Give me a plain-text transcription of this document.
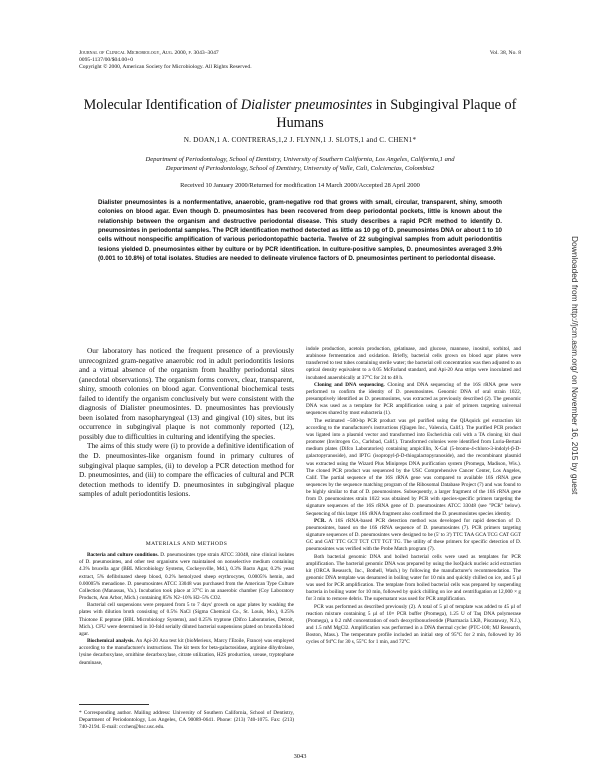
Journal of Clinical Microbiology, Aug. 2000, p. 3043–3047
0095-1137/00/$04.00+0
Copyright © 2000, American Society for Microbiology. All Rights Reserved.
Vol. 38, No. 8
Molecular Identification of Dialister pneumosintes in Subgingival Plaque of Humans
N. DOAN,1 A. CONTRERAS,1,2 J. FLYNN,1 J. SLOTS,1 and C. CHEN1*
Department of Periodontology, School of Dentistry, University of Southern California, Los Angeles, California,1 and
Department of Periodontology, School of Dentistry, University of Valle, Cali, Colciencias, Colombia2
Received 10 January 2000/Returned for modification 14 March 2000/Accepted 28 April 2000
Dialister pneumosintes is a nonfermentative, anaerobic, gram-negative rod that grows with small, circular, transparent, shiny, smooth colonies on blood agar. Even though D. pneumosintes has been recovered from deep periodontal pockets, little is known about the relationship between the organism and destructive periodontal disease. This study describes a rapid PCR method to identify D. pneumosintes in periodontal samples. The PCR identification method detected as little as 10 pg of D. pneumosintes DNA or about 1 to 10 cells without nonspecific amplification of various periodontopathic bacteria. Twelve of 22 subgingival samples from adult periodontitis lesions yielded D. pneumosintes either by culture or by PCR identification. In culture-positive samples, D. pneumosintes averaged 3.9% (0.001 to 10.8%) of total isolates. Studies are needed to delineate virulence factors of D. pneumosintes pertinent to periodontal disease.

Our laboratory has noticed the frequent presence of a previously unrecognized gram-negative anaerobic rod in adult periodontitis lesions and a virtual absence of the organism from healthy periodontal sites (anecdotal observations). The organism forms convex, clear, transparent, shiny, smooth colonies on blood agar. Conventional biochemical tests failed to identify the organism conclusively but were consistent with the diagnosis of Dialister pneumosintes. D. pneumosintes has previously been isolated from nasopharyngeal (13) and gingival (10) sites, but its occurrence in subgingival plaque is not commonly reported (12), possibly due to difficulties in culturing and identifying the species.

The aims of this study were (i) to provide a definitive identification of the D. pneumosintes-like organism found in primary cultures of subgingival plaque samples, (ii) to develop a PCR detection method for D. pneumosintes, and (iii) to compare the efficacies of cultural and PCR detection methods to identify D. pneumosintes in subgingival plaque samples of adult periodontitis lesions.

MATERIALS AND METHODS

Bacteria and culture conditions. D. pneumosintes type strain ATCC 33048, nine clinical isolates of D. pneumosintes, and other test organisms were maintained on nonselective medium containing 4.3% brucella agar (BBL Microbiology Systems, Cockeysville, Md.), 0.3% Bacto Agar, 0.2% yeast extract, 5% defibrinated sheep blood, 0.2% hemolyzed sheep erythrocytes, 0.0005% hemin, and 0.00005% menadione. D. pneumosintes ATCC 33048 was purchased from the American Type Culture Collection (Manassas, Va.). Incubation took place at 37°C in an anaerobic chamber (Coy Laboratory Products, Ann Arbor, Mich.) containing 85% N2–10% H2–5% CO2.

Bacterial cell suspensions were prepared from 5 to 7 days' growth on agar plates by washing the plates with dilution broth consisting of 0.5% NaCl (Sigma Chemical Co., St. Louis, Mo.), 0.25% Thiotone E peptone (BBL Microbiology Systems), and 0.25% tryptone (Difco Laboratories, Detroit, Mich.). CFU were determined in 10-fold serially diluted bacterial suspensions plated on brucella blood agar.

Biochemical analysis. An Api-20 Ana test kit (bioMerieux, Marcy l'Etoile, France) was employed according to the manufacturer's instructions. The kit tests for beta-galactosidase, arginine dihydrolase, lysine decarboxylase, ornithine decarboxylase, citrate utilization, H2S production, urease, tryptophane deaminase,

indole production, acetoin production, gelatinase, and glucose, mannose, inositol, sorbitol, and arabinose fermentation and oxidation. Briefly, bacterial cells grown on blood agar plates were transferred to test tubes containing sterile water; the bacterial cell concentration was then adjusted to an optical density equivalent to a 0.05 McFarland standard, and Api-20 Ana strips were inoculated and incubated anaerobically at 37°C for 24 to 48 h.

Cloning and DNA sequencing. Cloning and DNA sequencing of the 16S rRNA gene were performed to confirm the identity of D. pneumosintes. Genomic DNA of oral strain 1022, presumptively identified as D. pneumosintes, was extracted as previously described (2). The genomic DNA was used as a template for PCR amplification using a pair of primers targeting universal sequences shared by most eubacteria (1).

The estimated ~500-bp PCR product was gel purified using the QIAquick gel extraction kit according to the manufacturer's instructions (Qiagen Inc., Valencia, Calif.). The purified PCR product was ligated into a plasmid vector and transformed into Escherichia coli with a TA cloning kit dual promoter (Invitrogen Co., Carlsbad, Calif.). Transformed colonies were identified from Luria-Bertani medium plates (Difco Laboratories) containing ampicillin, X-Gal (5-bromo-4-chloro-3-indolyl-β-D-galactopyranoside), and IPTG (isopropyl-β-D-thiogalactopyranoside), and the recombinant plasmid was extracted using the Wizard Plus Minipreps DNA purification system (Promega, Madison, Wis.). The cloned PCR product was sequenced by the USC Comprehensive Cancer Center, Los Angeles, Calif. The partial sequence of the 16S rRNA gene was compared to available 16S rRNA gene sequences by the sequence matching program of the Ribosomal Database Project (7) and was found to be highly similar to that of D. pneumosintes. Subsequently, a larger fragment of the 16S rRNA gene from D. pneumosintes strain 1022 was obtained by PCR with species-specific primers targeting the signature sequences of the 16S rRNA gene of D. pneumosintes ATCC 33048 (see "PCR" below). Sequencing of this larger 16S rRNA fragment also confirmed the D. pneumosintes species identity.

PCR. A 16S rRNA-based PCR detection method was developed for rapid detection of D. pneumosintes, based on the 16S rRNA sequence of D. pneumosintes (7). PCR primers targeting signature sequences of D. pneumosintes were designed to be (5' to 3') TTC TAA GCA TCG CAT GGT GC and GAT TTC GCT TCT CTT TGT TG. The utility of these primers for specific detection of D. pneumosintes was verified with the Probe Match program (7).

Both bacterial genomic DNA and boiled bacterial cells were used as templates for PCR amplification. The bacterial genomic DNA was prepared by using the IsoQuick nucleic acid extraction kit (ORCA Research, Inc., Bothell, Wash.) by following the manufacturer's recommendation. The genomic DNA template was denatured in boiling water for 10 min and quickly chilled on ice, and 5 µl was used for PCR amplification. The template from boiled bacterial cells was prepared by suspending bacteria in boiling water for 10 min, followed by quick chilling on ice and centrifugation at 12,000 × g for 3 min to remove debris. The supernatant was used for PCR amplification.

PCR was performed as described previously (2). A total of 5 µl of template was added to 45 µl of reaction mixture containing 5 µl of 10× PCR buffer (Promega), 1.25 U of Taq DNA polymerase (Promega), a 0.2 mM concentration of each deoxyribonucleotide (Pharmacia LKB, Piscataway, N.J.), and 1.5 mM MgCl2. Amplification was performed in a DNA thermal cycler (PTC-100; MJ Research, Boston, Mass.). The temperature profile included an initial step of 95°C for 2 min, followed by 36 cycles of 94°C for 30 s, 55°C for 1 min, and 72°C

* Corresponding author. Mailing address: University of Southern California, School of Dentistry, Department of Periodontology, Los Angeles, CA 90089-0641. Phone: (213) 740-1075. Fax: (213) 740-2194. E-mail: ccchen@hsc.usc.edu.
3043
Downloaded from http://jcm.asm.org/ on November 16, 2015 by guest
